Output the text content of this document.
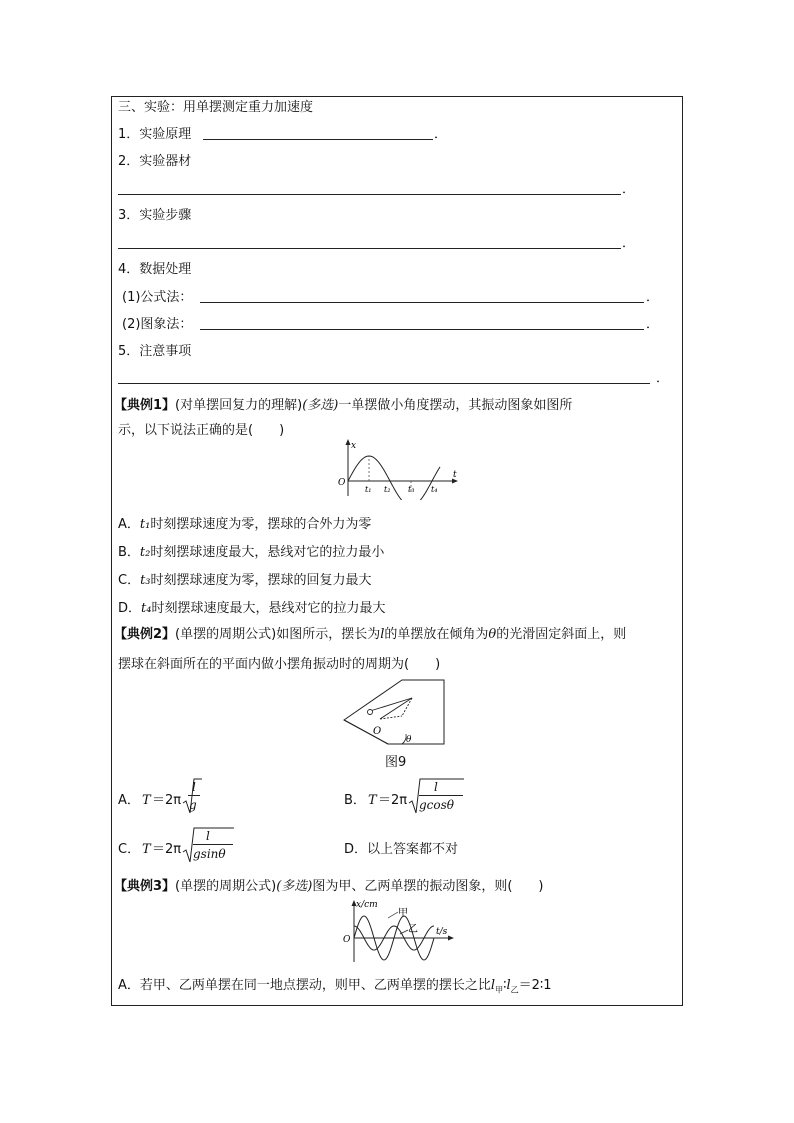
三、实验：用单摆测定重力加速度
1．实验原理	．
2．实验器材
．
3．实验步骤
．
4．数据处理
(1)公式法：	．
(2)图象法：	．
5．注意事项
．
【典例1】(对单摆回复力的理解)(多选)一单摆做小角度摆动，其振动图象如图所
示，以下说法正确的是(　　)
x
t
O
t₁ t₂ t₃ t₄
A．t₁时刻摆球速度为零，摆球的合外力为零
B．t₂时刻摆球速度最大，悬线对它的拉力最小
C．t₃时刻摆球速度为零，摆球的回复力最大
D．t₄时刻摆球速度最大，悬线对它的拉力最大
【典例2】(单摆的周期公式)如图所示，摆长为l的单摆放在倾角为θ的光滑固定斜面上，则
摆球在斜面所在的平面内做小摆角振动时的周期为(　　)
O
θ
图9
A． T ＝2π
l
g	B． T ＝2π
l
gcosθ
C． T ＝2π
l
gsinθ	D．以上答案都不对
【典例3】(单摆的周期公式)(多选)图为甲、乙两单摆的振动图象，则(　　)
x/cm
t/s
O
甲
乙
A．若甲、乙两单摆在同一地点摆动，则甲、乙两单摆的摆长之比$l_甲∶l_乙=2∶1$
